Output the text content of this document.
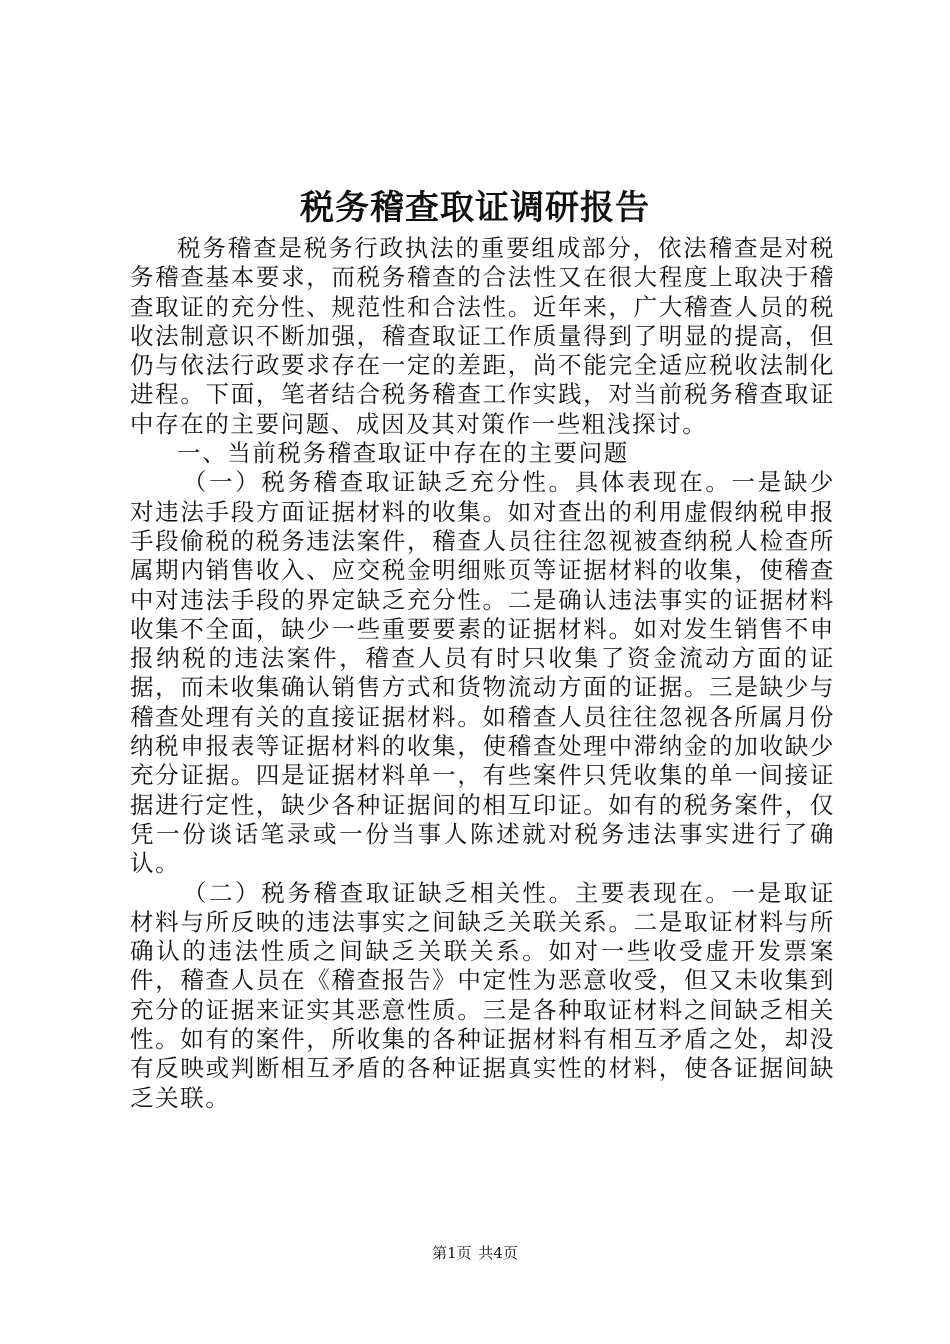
税务稽查取证调研报告

税务稽查是税务行政执法的重要组成部分，依法稽查是对税务稽查基本要求，而税务稽查的合法性又在很大程度上取决于稽查取证的充分性、规范性和合法性。近年来，广大稽查人员的税收法制意识不断加强，稽查取证工作质量得到了明显的提高，但仍与依法行政要求存在一定的差距，尚不能完全适应税收法制化进程。下面，笔者结合税务稽查工作实践，对当前税务稽查取证中存在的主要问题、成因及其对策作一些粗浅探讨。

一、当前税务稽查取证中存在的主要问题

（一）税务稽查取证缺乏充分性。具体表现在。一是缺少对违法手段方面证据材料的收集。如对查出的利用虚假纳税申报手段偷税的税务违法案件，稽查人员往往忽视被查纳税人检查所属期内销售收入、应交税金明细账页等证据材料的收集，使稽查中对违法手段的界定缺乏充分性。二是确认违法事实的证据材料收集不全面，缺少一些重要要素的证据材料。如对发生销售不申报纳税的违法案件，稽查人员有时只收集了资金流动方面的证据，而未收集确认销售方式和货物流动方面的证据。三是缺少与稽查处理有关的直接证据材料。如稽查人员往往忽视各所属月份纳税申报表等证据材料的收集，使稽查处理中滞纳金的加收缺少充分证据。四是证据材料单一，有些案件只凭收集的单一间接证据进行定性，缺少各种证据间的相互印证。如有的税务案件，仅凭一份谈话笔录或一份当事人陈述就对税务违法事实进行了确认。

（二）税务稽查取证缺乏相关性。主要表现在。一是取证材料与所反映的违法事实之间缺乏关联关系。二是取证材料与所确认的违法性质之间缺乏关联关系。如对一些收受虚开发票案件，稽查人员在《稽查报告》中定性为恶意收受，但又未收集到充分的证据来证实其恶意性质。三是各种取证材料之间缺乏相关性。如有的案件，所收集的各种证据材料有相互矛盾之处，却没有反映或判断相互矛盾的各种证据真实性的材料，使各证据间缺乏关联。

第1页 共4页
